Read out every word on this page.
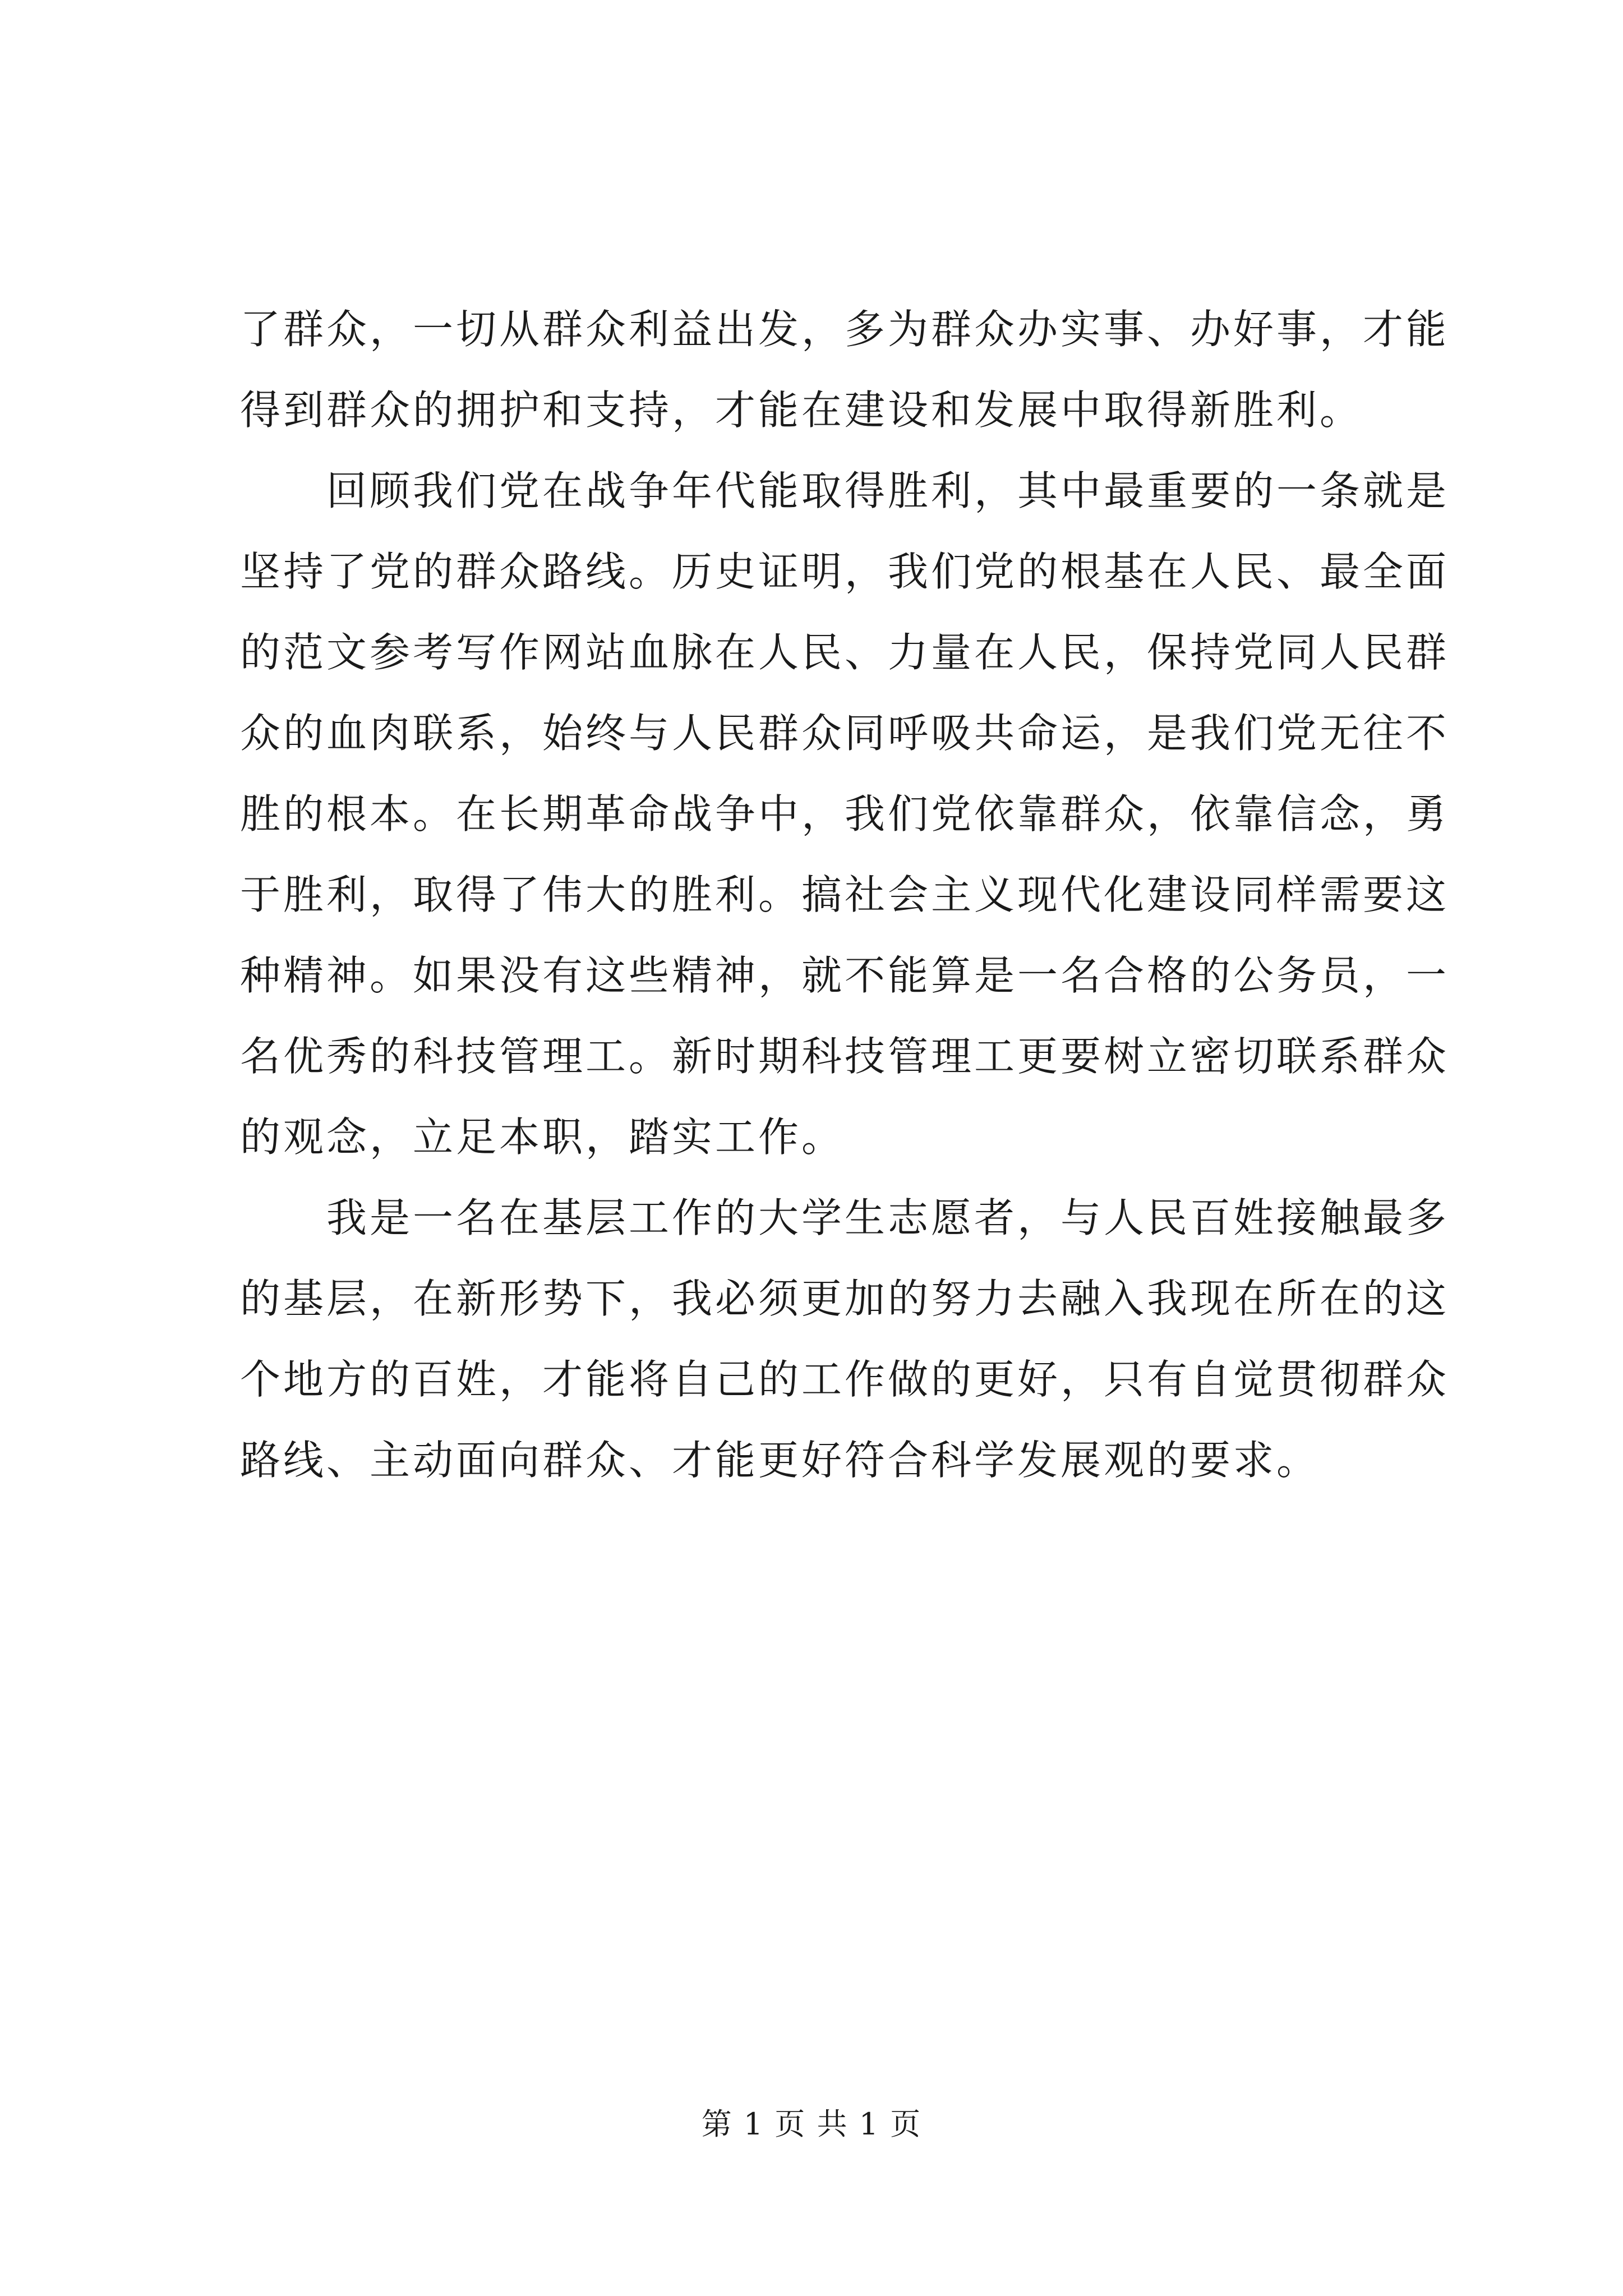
了群众，一切从群众利益出发，多为群众办实事、办好事，才能
得到群众的拥护和支持，才能在建设和发展中取得新胜利。
　　回顾我们党在战争年代能取得胜利，其中最重要的一条就是
坚持了党的群众路线。历史证明，我们党的根基在人民、最全面
的范文参考写作网站血脉在人民、力量在人民，保持党同人民群
众的血肉联系，始终与人民群众同呼吸共命运，是我们党无往不
胜的根本。在长期革命战争中，我们党依靠群众，依靠信念，勇
于胜利，取得了伟大的胜利。搞社会主义现代化建设同样需要这
种精神。如果没有这些精神，就不能算是一名合格的公务员，一
名优秀的科技管理工。新时期科技管理工更要树立密切联系群众
的观念，立足本职，踏实工作。
　　我是一名在基层工作的大学生志愿者，与人民百姓接触最多
的基层，在新形势下，我必须更加的努力去融入我现在所在的这
个地方的百姓，才能将自己的工作做的更好，只有自觉贯彻群众
路线、主动面向群众、才能更好符合科学发展观的要求。
第 1 页 共 1 页
